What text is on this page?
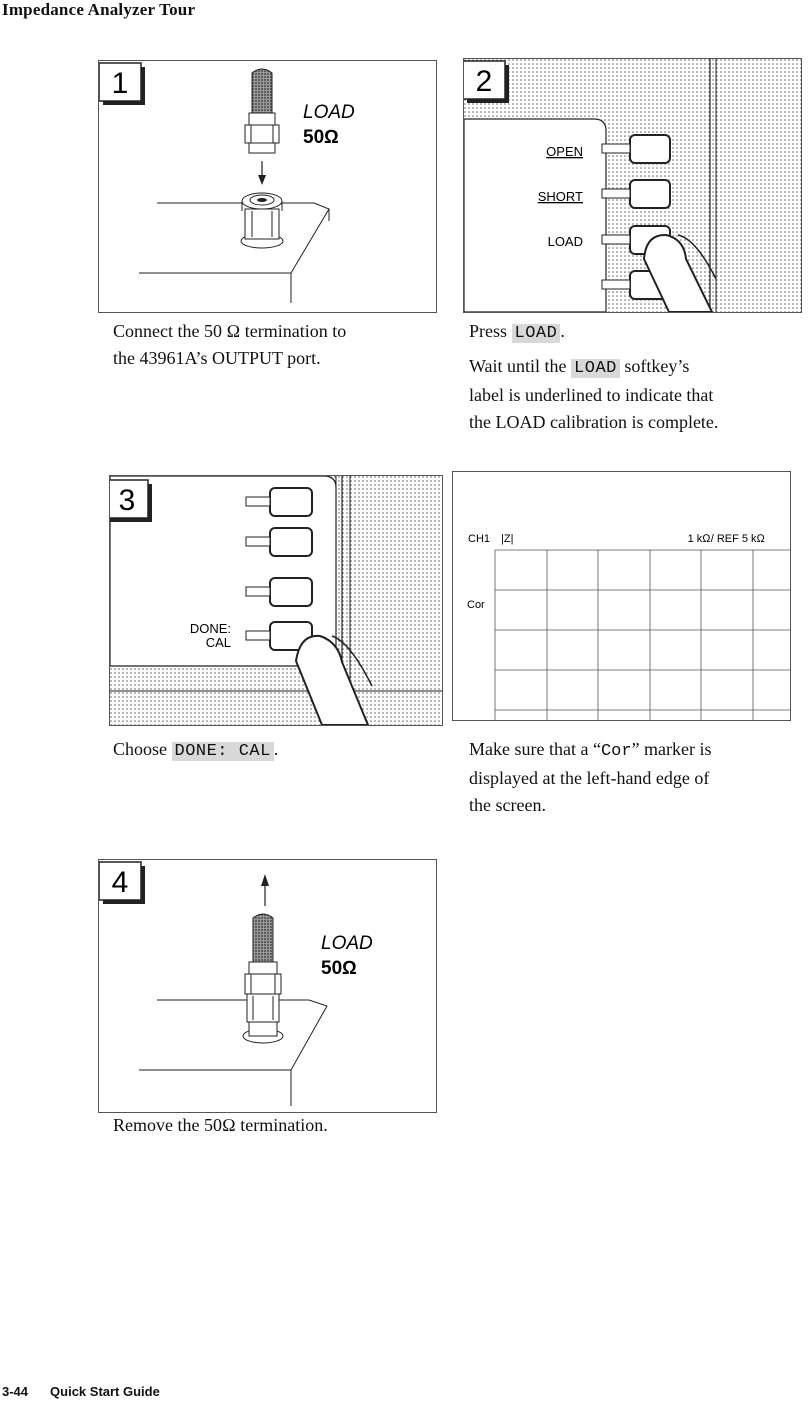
Impedance Analyzer Tour
1
LOAD
50Ω
Connect the 50 Ω termination to
the 43961A’s OUTPUT port.
2
OPEN
SHORT
LOAD
Press LOAD .
Wait until the LOAD softkey’s
label is underlined to indicate that
the LOAD calibration is complete.
3
DONE:
CAL
Choose DONE: CAL .
CH1 |Z|	1 kΩ/ REF 5 kΩ
Cor
Make sure that a “Cor” marker is
displayed at the left-hand edge of
the screen.
4
LOAD
50Ω
Remove the 50Ω termination.
3-44 Quick Start Guide
